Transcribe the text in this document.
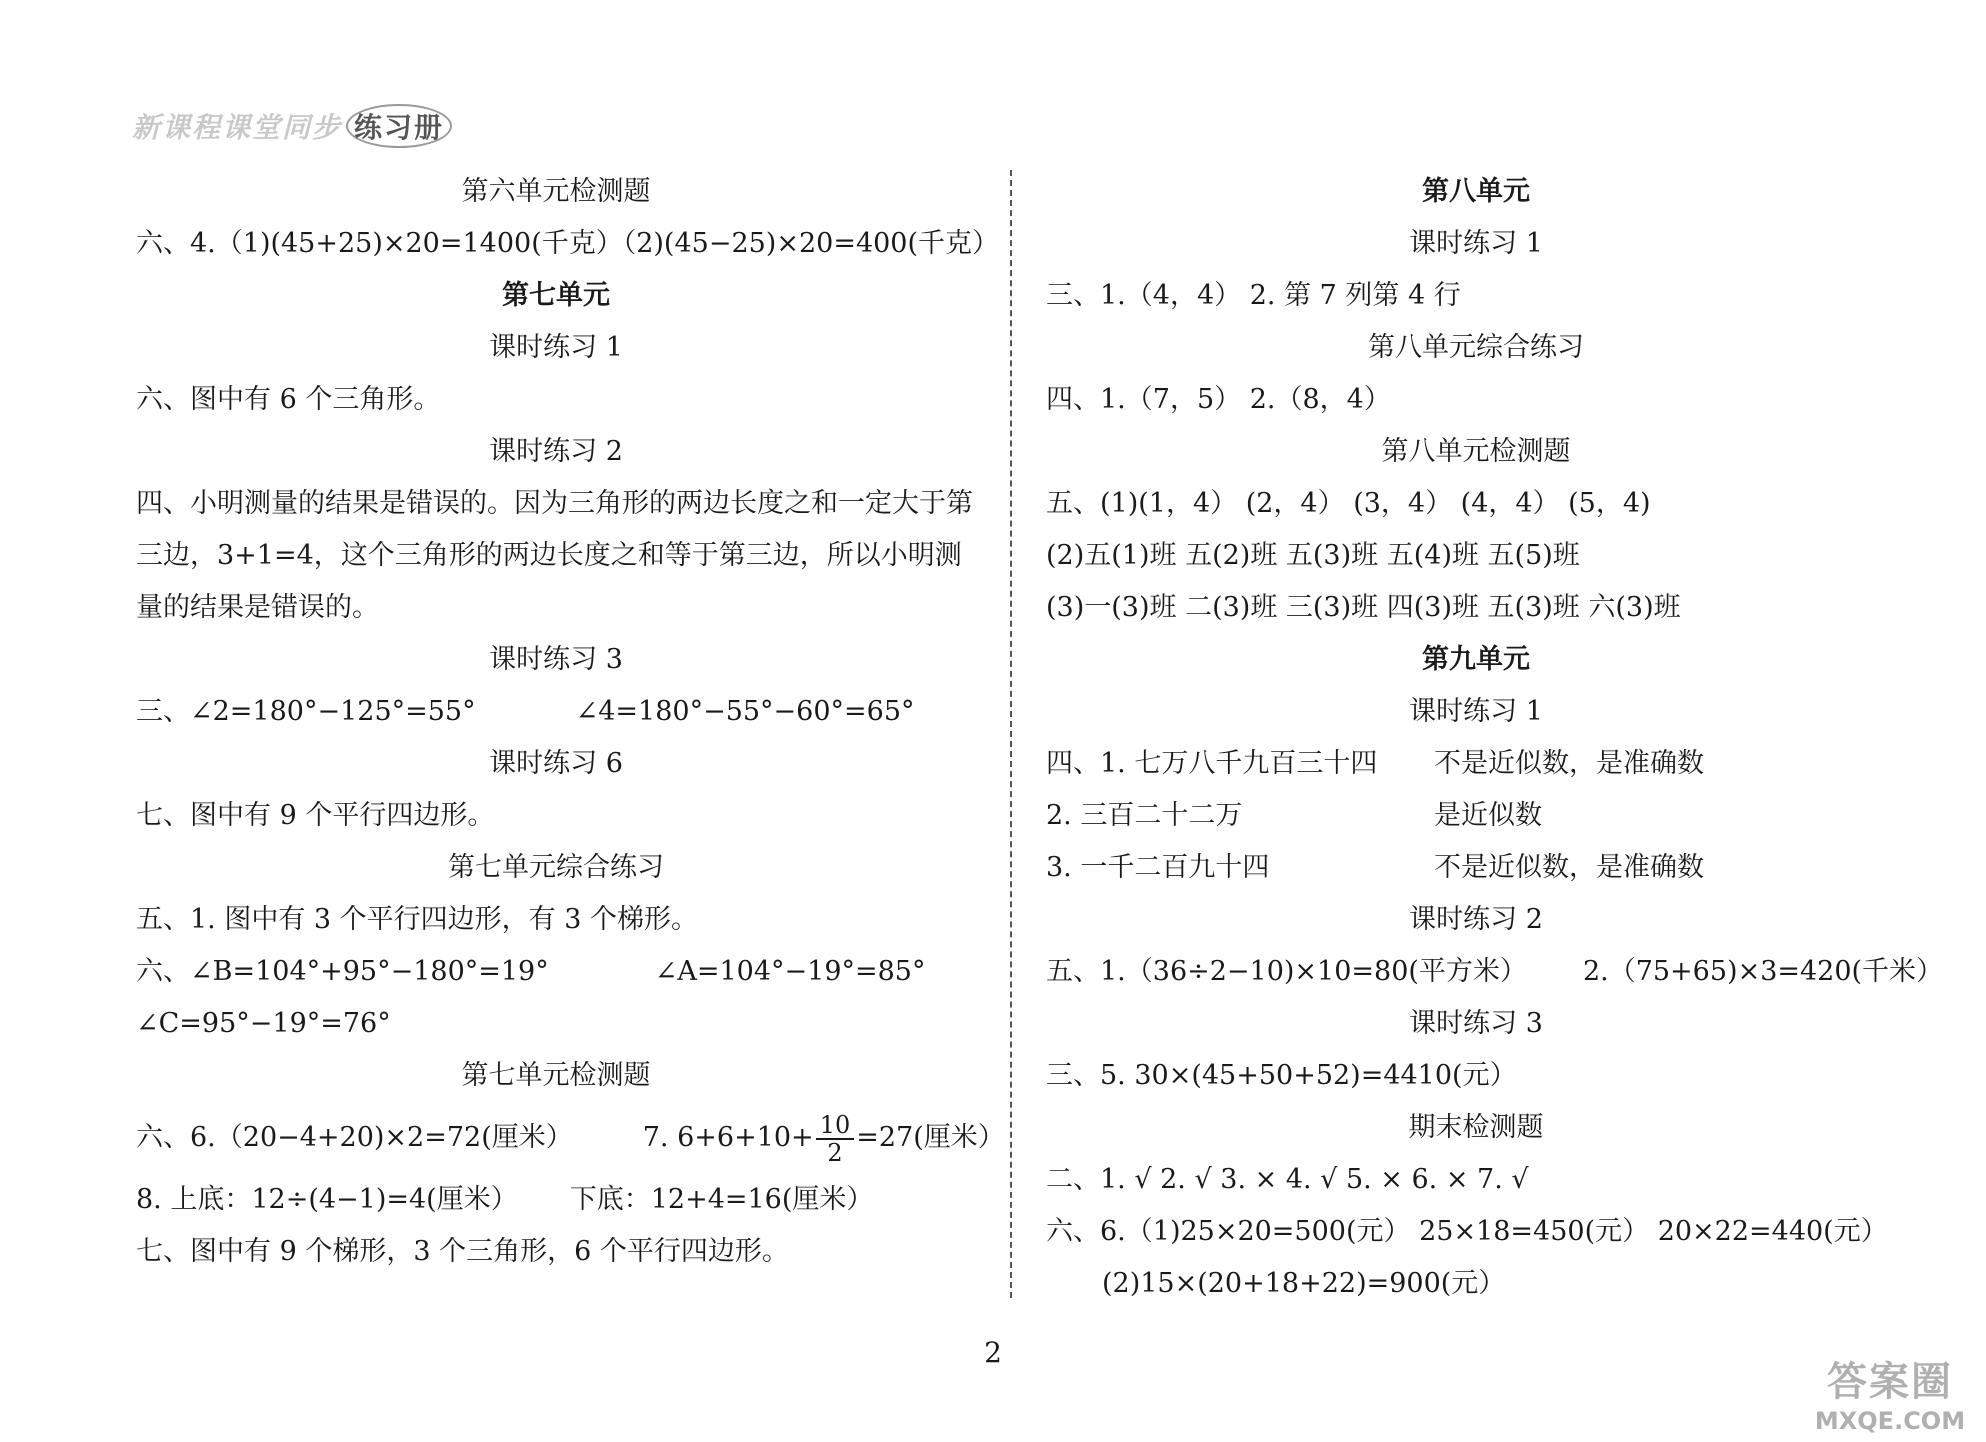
新课程课堂同步 练习册
第六单元检测题
六、4.（1)(45+25)×20=1400(千克）（2)(45−25)×20=400(千克）
第七单元
课时练习 1
六、图中有 6 个三角形。
课时练习 2
四、小明测量的结果是错误的。因为三角形的两边长度之和一定大于第三边，3+1=4，这个三角形的两边长度之和等于第三边，所以小明测量的结果是错误的。
课时练习 3
三、∠2=180°−125°=55°	∠4=180°−55°−60°=65°
课时练习 6
七、图中有 9 个平行四边形。
第七单元综合练习
五、1. 图中有 3 个平行四边形，有 3 个梯形。
六、∠B=104°+95°−180°=19°	∠A=104°−19°=85°
∠C=95°−19°=76°
第七单元检测题
六、6.（20−4+20)×2=72(厘米）	7. $6+6+10+ \frac{10}{2} =27$(厘米）
8. 上底：12÷(4−1)=4(厘米） 下底：12+4=16(厘米）
七、图中有 9 个梯形，3 个三角形，6 个平行四边形。
第八单元
课时练习 1
三、1.（4，4） 2. 第 7 列第 4 行
第八单元综合练习
四、1.（7，5） 2.（8，4）
第八单元检测题
五、(1)(1，4） (2，4） (3，4） (4，4） (5，4)
(2)五(1)班 五(2)班 五(3)班 五(4)班 五(5)班
(3)一(3)班 二(3)班 三(3)班 四(3)班 五(3)班 六(3)班
第九单元
课时练习 1
四、1. 七万八千九百三十四 不是近似数，是准确数
2. 三百二十二万	是近似数
3. 一千二百九十四	不是近似数，是准确数
课时练习 2
五、1.（36÷2−10)×10=80(平方米） 2.（75+65)×3=420(千米）
课时练习 3
三、5. 30×(45+50+52)=4410(元）
期末检测题
二、1. √ 2. √ 3. × 4. √ 5. × 6. × 7. √
六、6.（1)25×20=500(元） 25×18=450(元） 20×22=440(元）
(2)15×(20+18+22)=900(元）
2
答案圈
MXQE.COM
